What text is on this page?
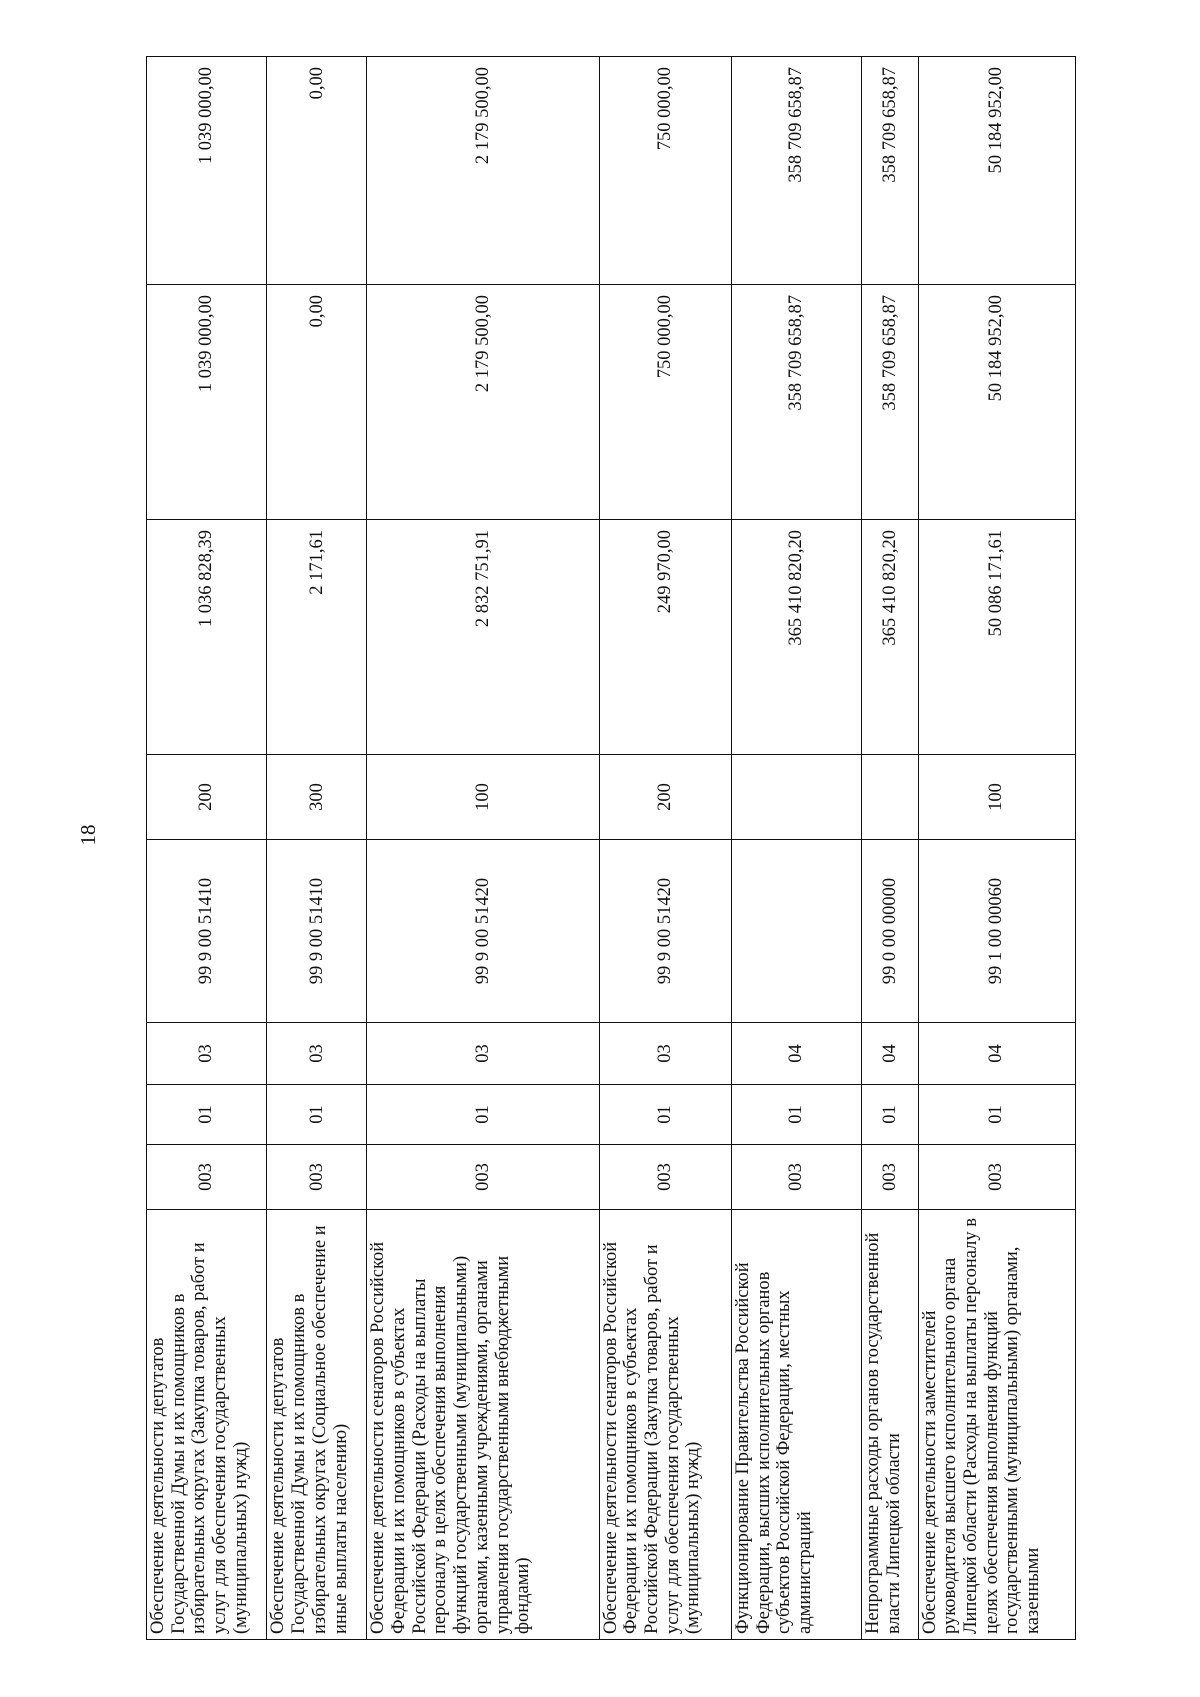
18
Обеспечение деятельности депутатов Государственной Думы и их помощников в избирательных округах (Закупка товаров, работ и услуг для обеспечения государственных (муниципальных) нужд)	003	01	03	99 9 00 51410	200	1 036 828,39	1 039 000,00	1 039 000,00
Обеспечение деятельности депутатов Государственной Думы и их помощников в избирательных округах (Социальное обеспечение и иные выплаты населению)	003	01	03	99 9 00 51410	300	2 171,61	0,00	0,00
Обеспечение деятельности сенаторов Российской Федерации и их помощников в субъектах Российской Федерации (Расходы на выплаты персоналу в целях обеспечения выполнения функций государственными (муниципальными) органами, казенными учреждениями, органами управления государственными внебюджетными фондами)	003	01	03	99 9 00 51420	100	2 832 751,91	2 179 500,00	2 179 500,00
Обеспечение деятельности сенаторов Российской Федерации и их помощников в субъектах Российской Федерации (Закупка товаров, работ и услуг для обеспечения государственных (муниципальных) нужд)	003	01	03	99 9 00 51420	200	249 970,00	750 000,00	750 000,00
Функционирование Правительства Российской Федерации, высших исполнительных органов субъектов Российской Федерации, местных администраций	003	01	04			365 410 820,20	358 709 658,87	358 709 658,87
Непрограммные расходы органов государственной власти Липецкой области	003	01	04	99 0 00 00000		365 410 820,20	358 709 658,87	358 709 658,87
Обеспечение деятельности заместителей руководителя высшего исполнительного органа Липецкой области (Расходы на выплаты персоналу в целях обеспечения выполнения функций государственными (муниципальными) органами, казенными	003	01	04	99 1 00 00060	100	50 086 171,61	50 184 952,00	50 184 952,00
